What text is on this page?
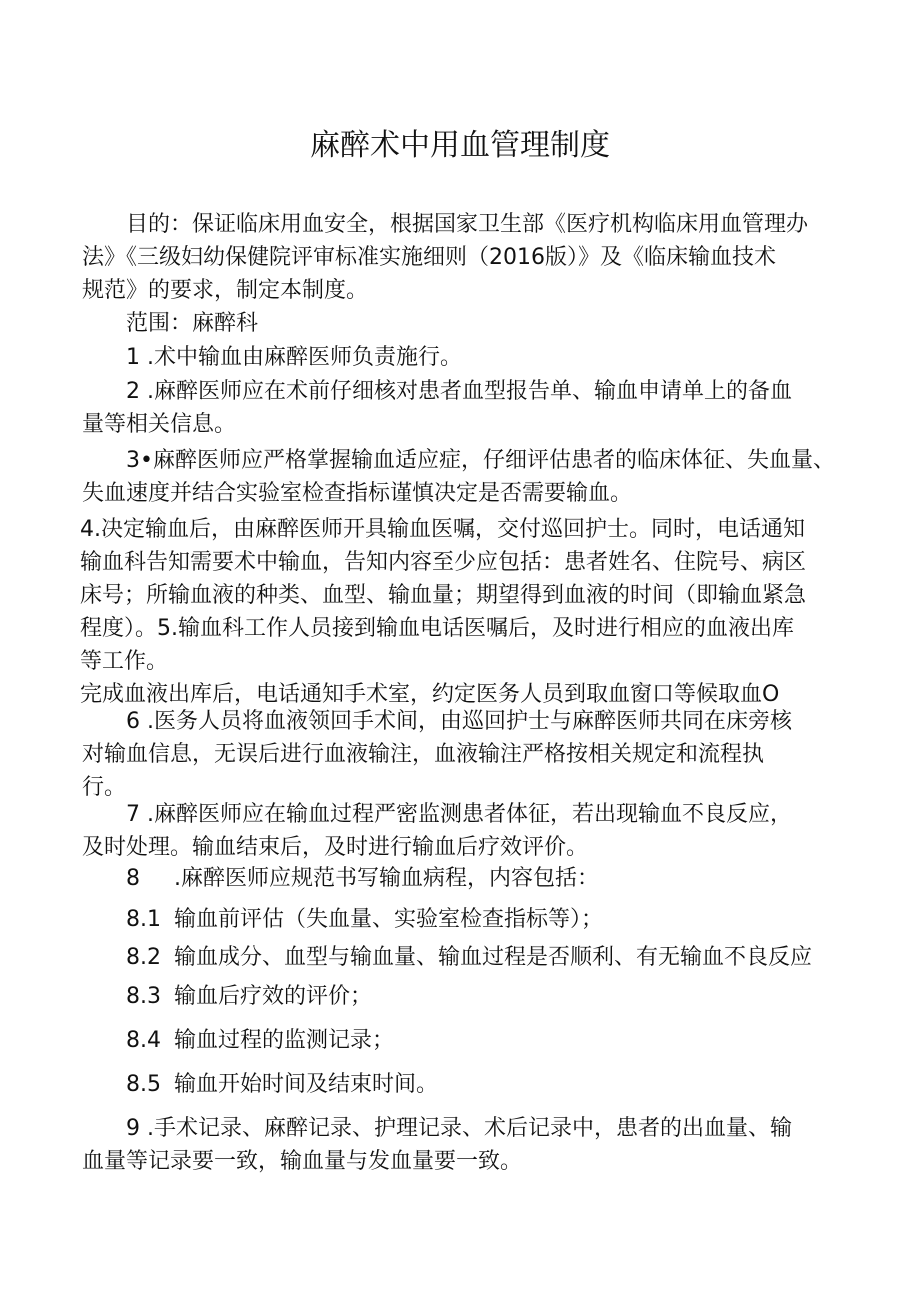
麻醉术中用血管理制度
目的：保证临床用血安全，根据国家卫生部《医疗机构临床用血管理办
法》《三级妇幼保健院评审标准实施细则（2016版）》及《临床输血技术
规范》的要求，制定本制度。
范围：麻醉科
1 .术中输血由麻醉医师负责施行。
2 .麻醉医师应在术前仔细核对患者血型报告单、输血申请单上的备血
量等相关信息。
3•麻醉医师应严格掌握输血适应症，仔细评估患者的临床体征、失血量、
失血速度并结合实验室检查指标谨慎决定是否需要输血。
4.决定输血后，由麻醉医师开具输血医嘱，交付巡回护士。同时，电话通知
输血科告知需要术中输血，告知内容至少应包括：患者姓名、住院号、病区
床号；所输血液的种类、血型、输血量；期望得到血液的时间（即输血紧急
程度）。5.输血科工作人员接到输血电话医嘱后，及时进行相应的血液出库
等工作。
完成血液出库后，电话通知手术室，约定医务人员到取血窗口等候取血O
6 .医务人员将血液领回手术间，由巡回护士与麻醉医师共同在床旁核
对输血信息，无误后进行血液输注，血液输注严格按相关规定和流程执
行。
7 .麻醉医师应在输血过程严密监测患者体征，若出现输血不良反应，
及时处理。输血结束后，及时进行输血后疗效评价。
8 .麻醉医师应规范书写输血病程，内容包括：
8.1 输血前评估（失血量、实验室检查指标等）；
8.2 输血成分、血型与输血量、输血过程是否顺利、有无输血不良反应
8.3 输血后疗效的评价；
8.4 输血过程的监测记录；
8.5 输血开始时间及结束时间。
9 .手术记录、麻醉记录、护理记录、术后记录中，患者的出血量、输
血量等记录要一致，输血量与发血量要一致。
